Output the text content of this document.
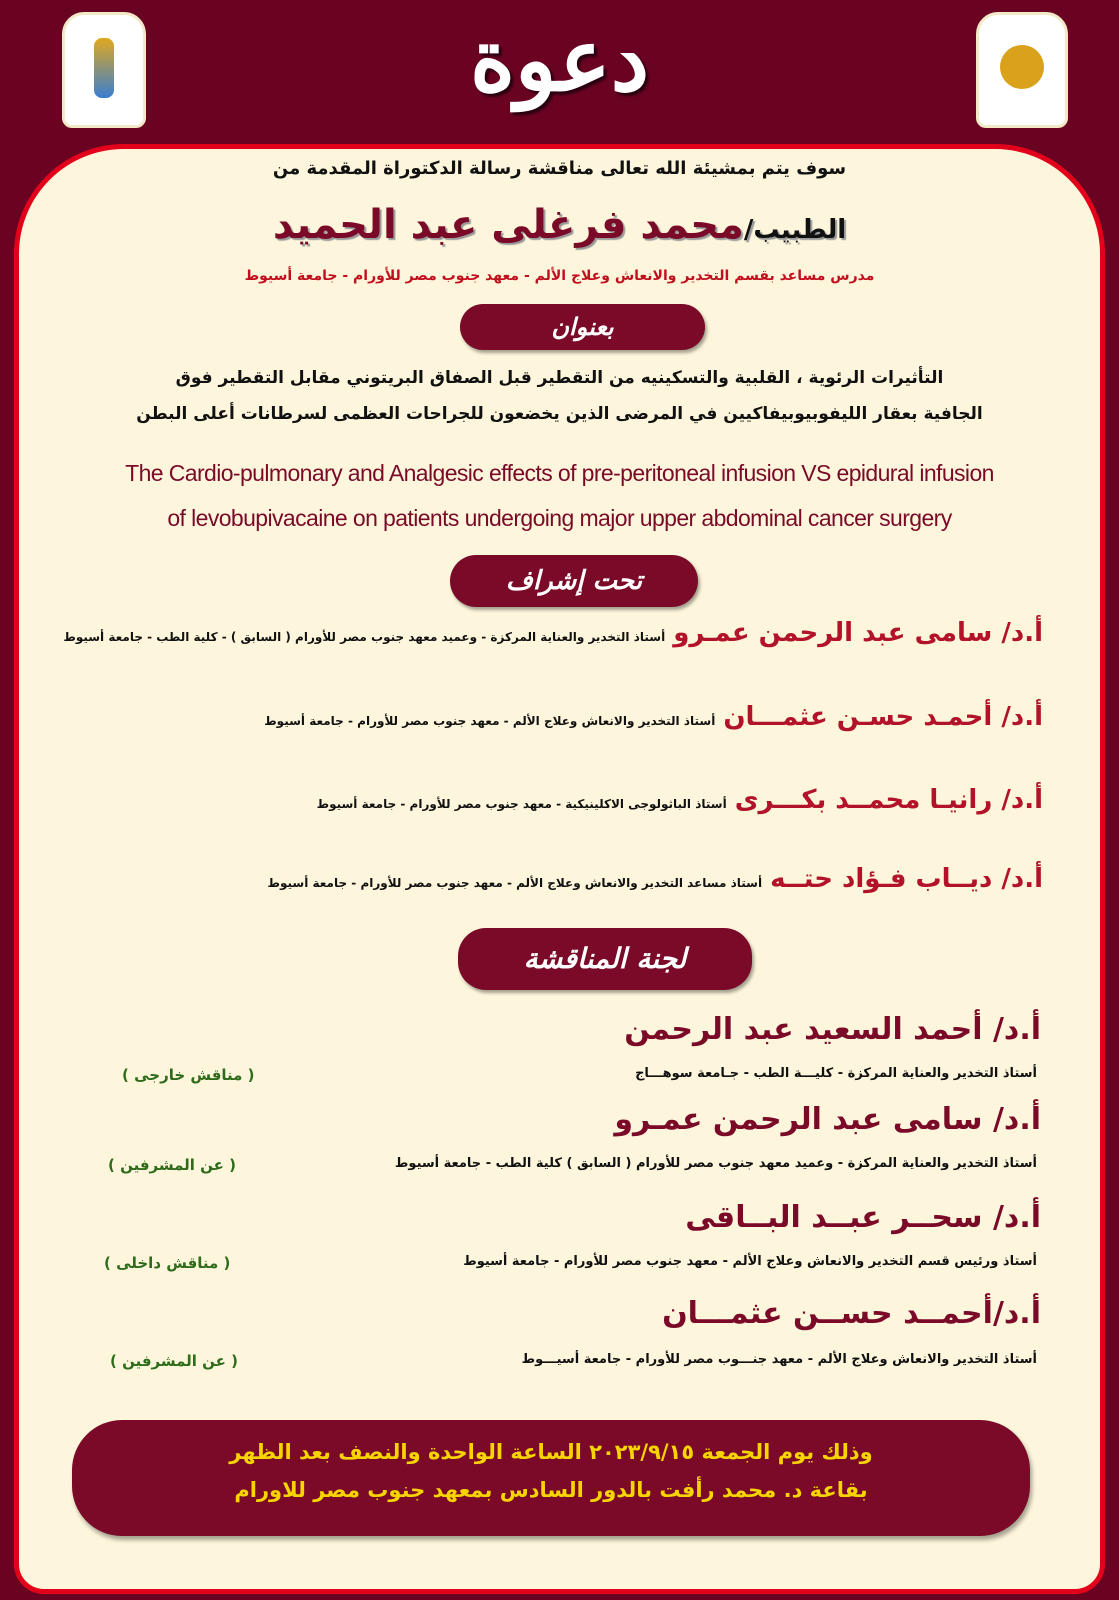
دعوة
سوف يتم بمشيئة الله تعالى مناقشة رسالة الدكتوراة المقدمة من
الطبيب/محمد فرغلى عبد الحميد
مدرس مساعد بقسم التخدير والانعاش وعلاج الألم - معهد جنوب مصر للأورام - جامعة أسيوط
بعنوان
التأثيرات الرئوية ، القلبية والتسكينيه من التقطير قبل الصفاق البريتوني مقابل التقطير فوق
الجافية بعقار الليفوبيوبيفاكيين في المرضى الذين يخضعون للجراحات العظمى لسرطانات أعلى البطن
The Cardio-pulmonary and Analgesic effects of pre-peritoneal infusion VS epidural infusion
of levobupivacaine on patients undergoing major upper abdominal cancer surgery
تحت إشراف
أ.د/ سامى عبد الرحمن عمـرو
أستاذ التخدير والعناية المركزة - وعميد معهد جنوب مصر للأورام ( السابق ) - كلية الطب - جامعة أسيوط
أ.د/ أحمـد حسـن عثمـــان
أستاذ التخدير والانعاش وعلاج الألم - معهد جنوب مصر للأورام - جامعة أسيوط
أ.د/ رانيـا محمــد بكـــرى
أستاذ الباثولوجى الاكلينيكية - معهد جنوب مصر للأورام - جامعة أسيوط
أ.د/ ديــاب فـؤاد حتــه
أستاذ مساعد التخدير والانعاش وعلاج الألم - معهد جنوب مصر للأورام - جامعة أسيوط
لجنة المناقشة
أ.د/ أحمد السعيد عبد الرحمن
أستاذ التخدير والعناية المركزة - كليـــة الطب - جـامعة سوهـــاج
( مناقش خارجى )
أ.د/ سامى عبد الرحمن عمـرو
أستاذ التخدير والعناية المركزة - وعميد معهد جنوب مصر للأورام ( السابق ) كلية الطب - جامعة أسيوط
( عن المشرفين )
أ.د/ سحــر عبــد البــاقى
أستاذ ورئيس قسم التخدير والانعاش وعلاج الألم - معهد جنوب مصر للأورام - جامعة أسيوط
( مناقش داخلى )
أ.د/أحمــد حســن عثمـــان
أستاذ التخدير والانعاش وعلاج الألم - معهد جنـــوب مصر للأورام - جامعة أسيـــوط
( عن المشرفين )
وذلك يوم الجمعة ٢٠٢٣/٩/١٥ الساعة الواحدة والنصف بعد الظهر
بقاعة د. محمد رأفت بالدور السادس بمعهد جنوب مصر للاورام
